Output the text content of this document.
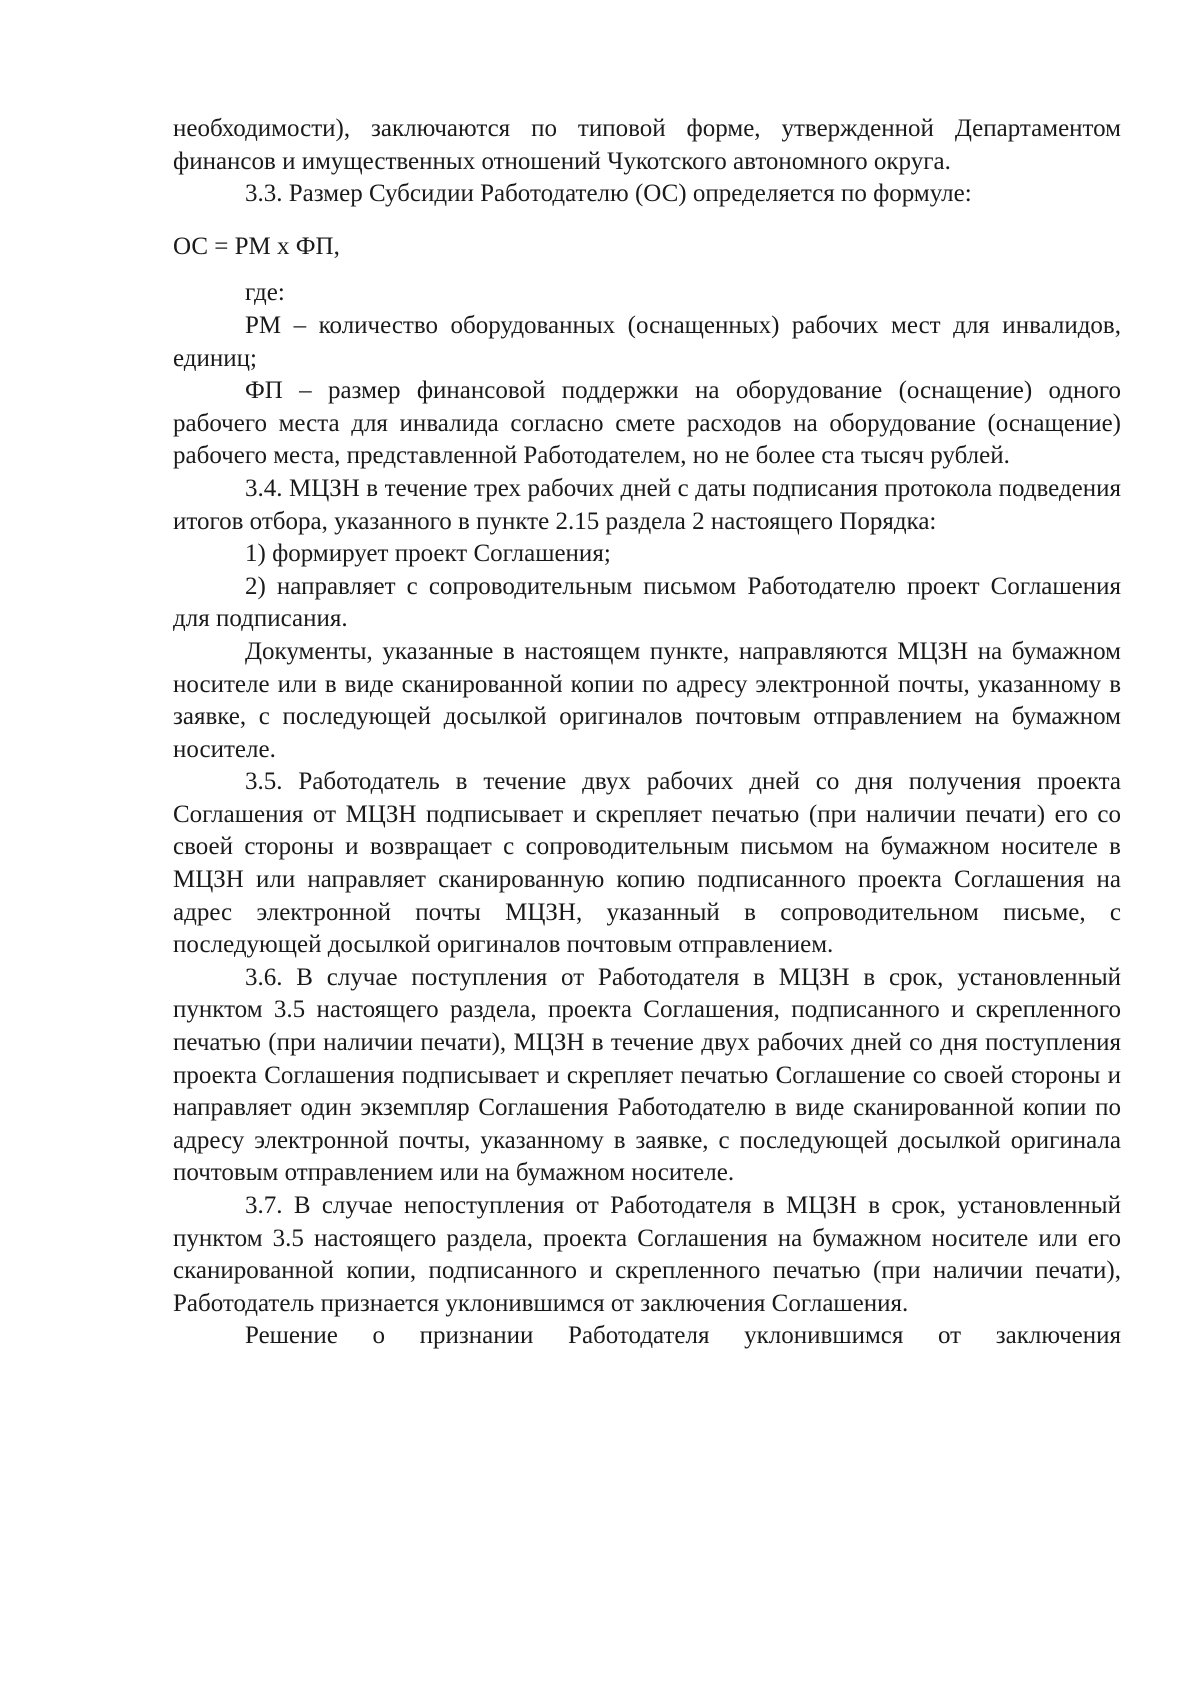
необходимости), заключаются по типовой форме, утвержденной Департаментом финансов и имущественных отношений Чукотского автономного округа.

3.3. Размер Субсидии Работодателю (ОС) определяется по формуле:

ОС = РМ х ФП,

где:

РМ – количество оборудованных (оснащенных) рабочих мест для инвалидов, единиц;

ФП – размер финансовой поддержки на оборудование (оснащение) одного рабочего места для инвалида согласно смете расходов на оборудование (оснащение) рабочего места, представленной Работодателем, но не более ста тысяч рублей.

3.4. МЦЗН в течение трех рабочих дней с даты подписания протокола подведения итогов отбора, указанного в пункте 2.15 раздела 2 настоящего Порядка:

1) формирует проект Соглашения;

2) направляет с сопроводительным письмом Работодателю проект Соглашения для подписания.

Документы, указанные в настоящем пункте, направляются МЦЗН на бумажном носителе или в виде сканированной копии по адресу электронной почты, указанному в заявке, с последующей досылкой оригиналов почтовым отправлением на бумажном носителе.

3.5. Работодатель в течение двух рабочих дней со дня получения проекта Соглашения от МЦЗН подписывает и скрепляет печатью (при наличии печати) его со своей стороны и возвращает с сопроводительным письмом на бумажном носителе в МЦЗН или направляет сканированную копию подписанного проекта Соглашения на адрес электронной почты МЦЗН, указанный в сопроводительном письме, с последующей досылкой оригиналов почтовым отправлением.

3.6. В случае поступления от Работодателя в МЦЗН в срок, установленный пунктом 3.5 настоящего раздела, проекта Соглашения, подписанного и скрепленного печатью (при наличии печати), МЦЗН в течение двух рабочих дней со дня поступления проекта Соглашения подписывает и скрепляет печатью Соглашение со своей стороны и направляет один экземпляр Соглашения Работодателю в виде сканированной копии по адресу электронной почты, указанному в заявке, с последующей досылкой оригинала почтовым отправлением или на бумажном носителе.

3.7. В случае непоступления от Работодателя в МЦЗН в срок, установленный пунктом 3.5 настоящего раздела, проекта Соглашения на бумажном носителе или его сканированной копии, подписанного и скрепленного печатью (при наличии печати), Работодатель признается уклонившимся от заключения Соглашения.

Решение о признании Работодателя уклонившимся от заключения
